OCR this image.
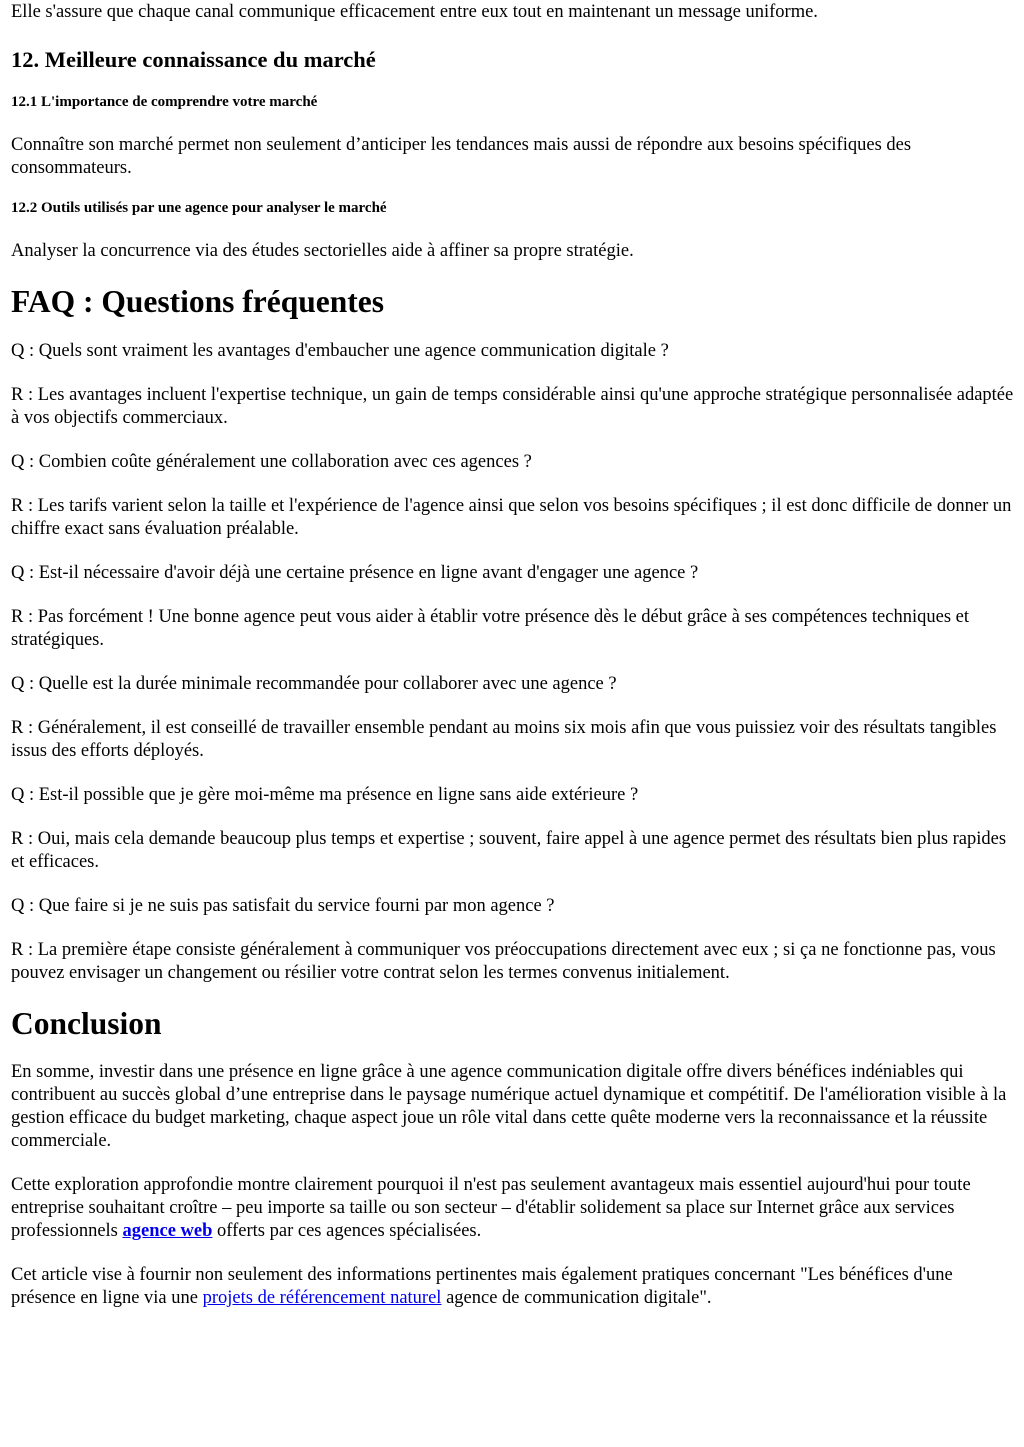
Elle s'assure que chaque canal communique efficacement entre eux tout en maintenant un message uniforme.

12. Meilleure connaissance du marché
12.1 L'importance de comprendre votre marché

Connaître son marché permet non seulement d’anticiper les tendances mais aussi de répondre aux besoins spécifiques des consommateurs.

12.2 Outils utilisés par une agence pour analyser le marché

Analyser la concurrence via des études sectorielles aide à affiner sa propre stratégie.

FAQ : Questions fréquentes

Q : Quels sont vraiment les avantages d'embaucher une agence communication digitale ?

R : Les avantages incluent l'expertise technique, un gain de temps considérable ainsi qu'une approche stratégique personnalisée adaptée à vos objectifs commerciaux.

Q : Combien coûte généralement une collaboration avec ces agences ?

R : Les tarifs varient selon la taille et l'expérience de l'agence ainsi que selon vos besoins spécifiques ; il est donc difficile de donner un chiffre exact sans évaluation préalable.

Q : Est-il nécessaire d'avoir déjà une certaine présence en ligne avant d'engager une agence ?

R : Pas forcément ! Une bonne agence peut vous aider à établir votre présence dès le début grâce à ses compétences techniques et stratégiques.

Q : Quelle est la durée minimale recommandée pour collaborer avec une agence ?

R : Généralement, il est conseillé de travailler ensemble pendant au moins six mois afin que vous puissiez voir des résultats tangibles issus des efforts déployés.

Q : Est-il possible que je gère moi-même ma présence en ligne sans aide extérieure ?

R : Oui, mais cela demande beaucoup plus temps et expertise ; souvent, faire appel à une agence permet des résultats bien plus rapides et efficaces.

Q : Que faire si je ne suis pas satisfait du service fourni par mon agence ?

R : La première étape consiste généralement à communiquer vos préoccupations directement avec eux ; si ça ne fonctionne pas, vous pouvez envisager un changement ou résilier votre contrat selon les termes convenus initialement.

Conclusion

En somme, investir dans une présence en ligne grâce à une agence communication digitale offre divers bénéfices indéniables qui contribuent au succès global d’une entreprise dans le paysage numérique actuel dynamique et compétitif. De l'amélioration visible à la gestion efficace du budget marketing, chaque aspect joue un rôle vital dans cette quête moderne vers la reconnaissance et la réussite commerciale.

Cette exploration approfondie montre clairement pourquoi il n'est pas seulement avantageux mais essentiel aujourd'hui pour toute entreprise souhaitant croître – peu importe sa taille ou son secteur – d'établir solidement sa place sur Internet grâce aux services professionnels agence web offerts par ces agences spécialisées.

Cet article vise à fournir non seulement des informations pertinentes mais également pratiques concernant "Les bénéfices d'une présence en ligne via une projets de référencement naturel agence de communication digitale".
